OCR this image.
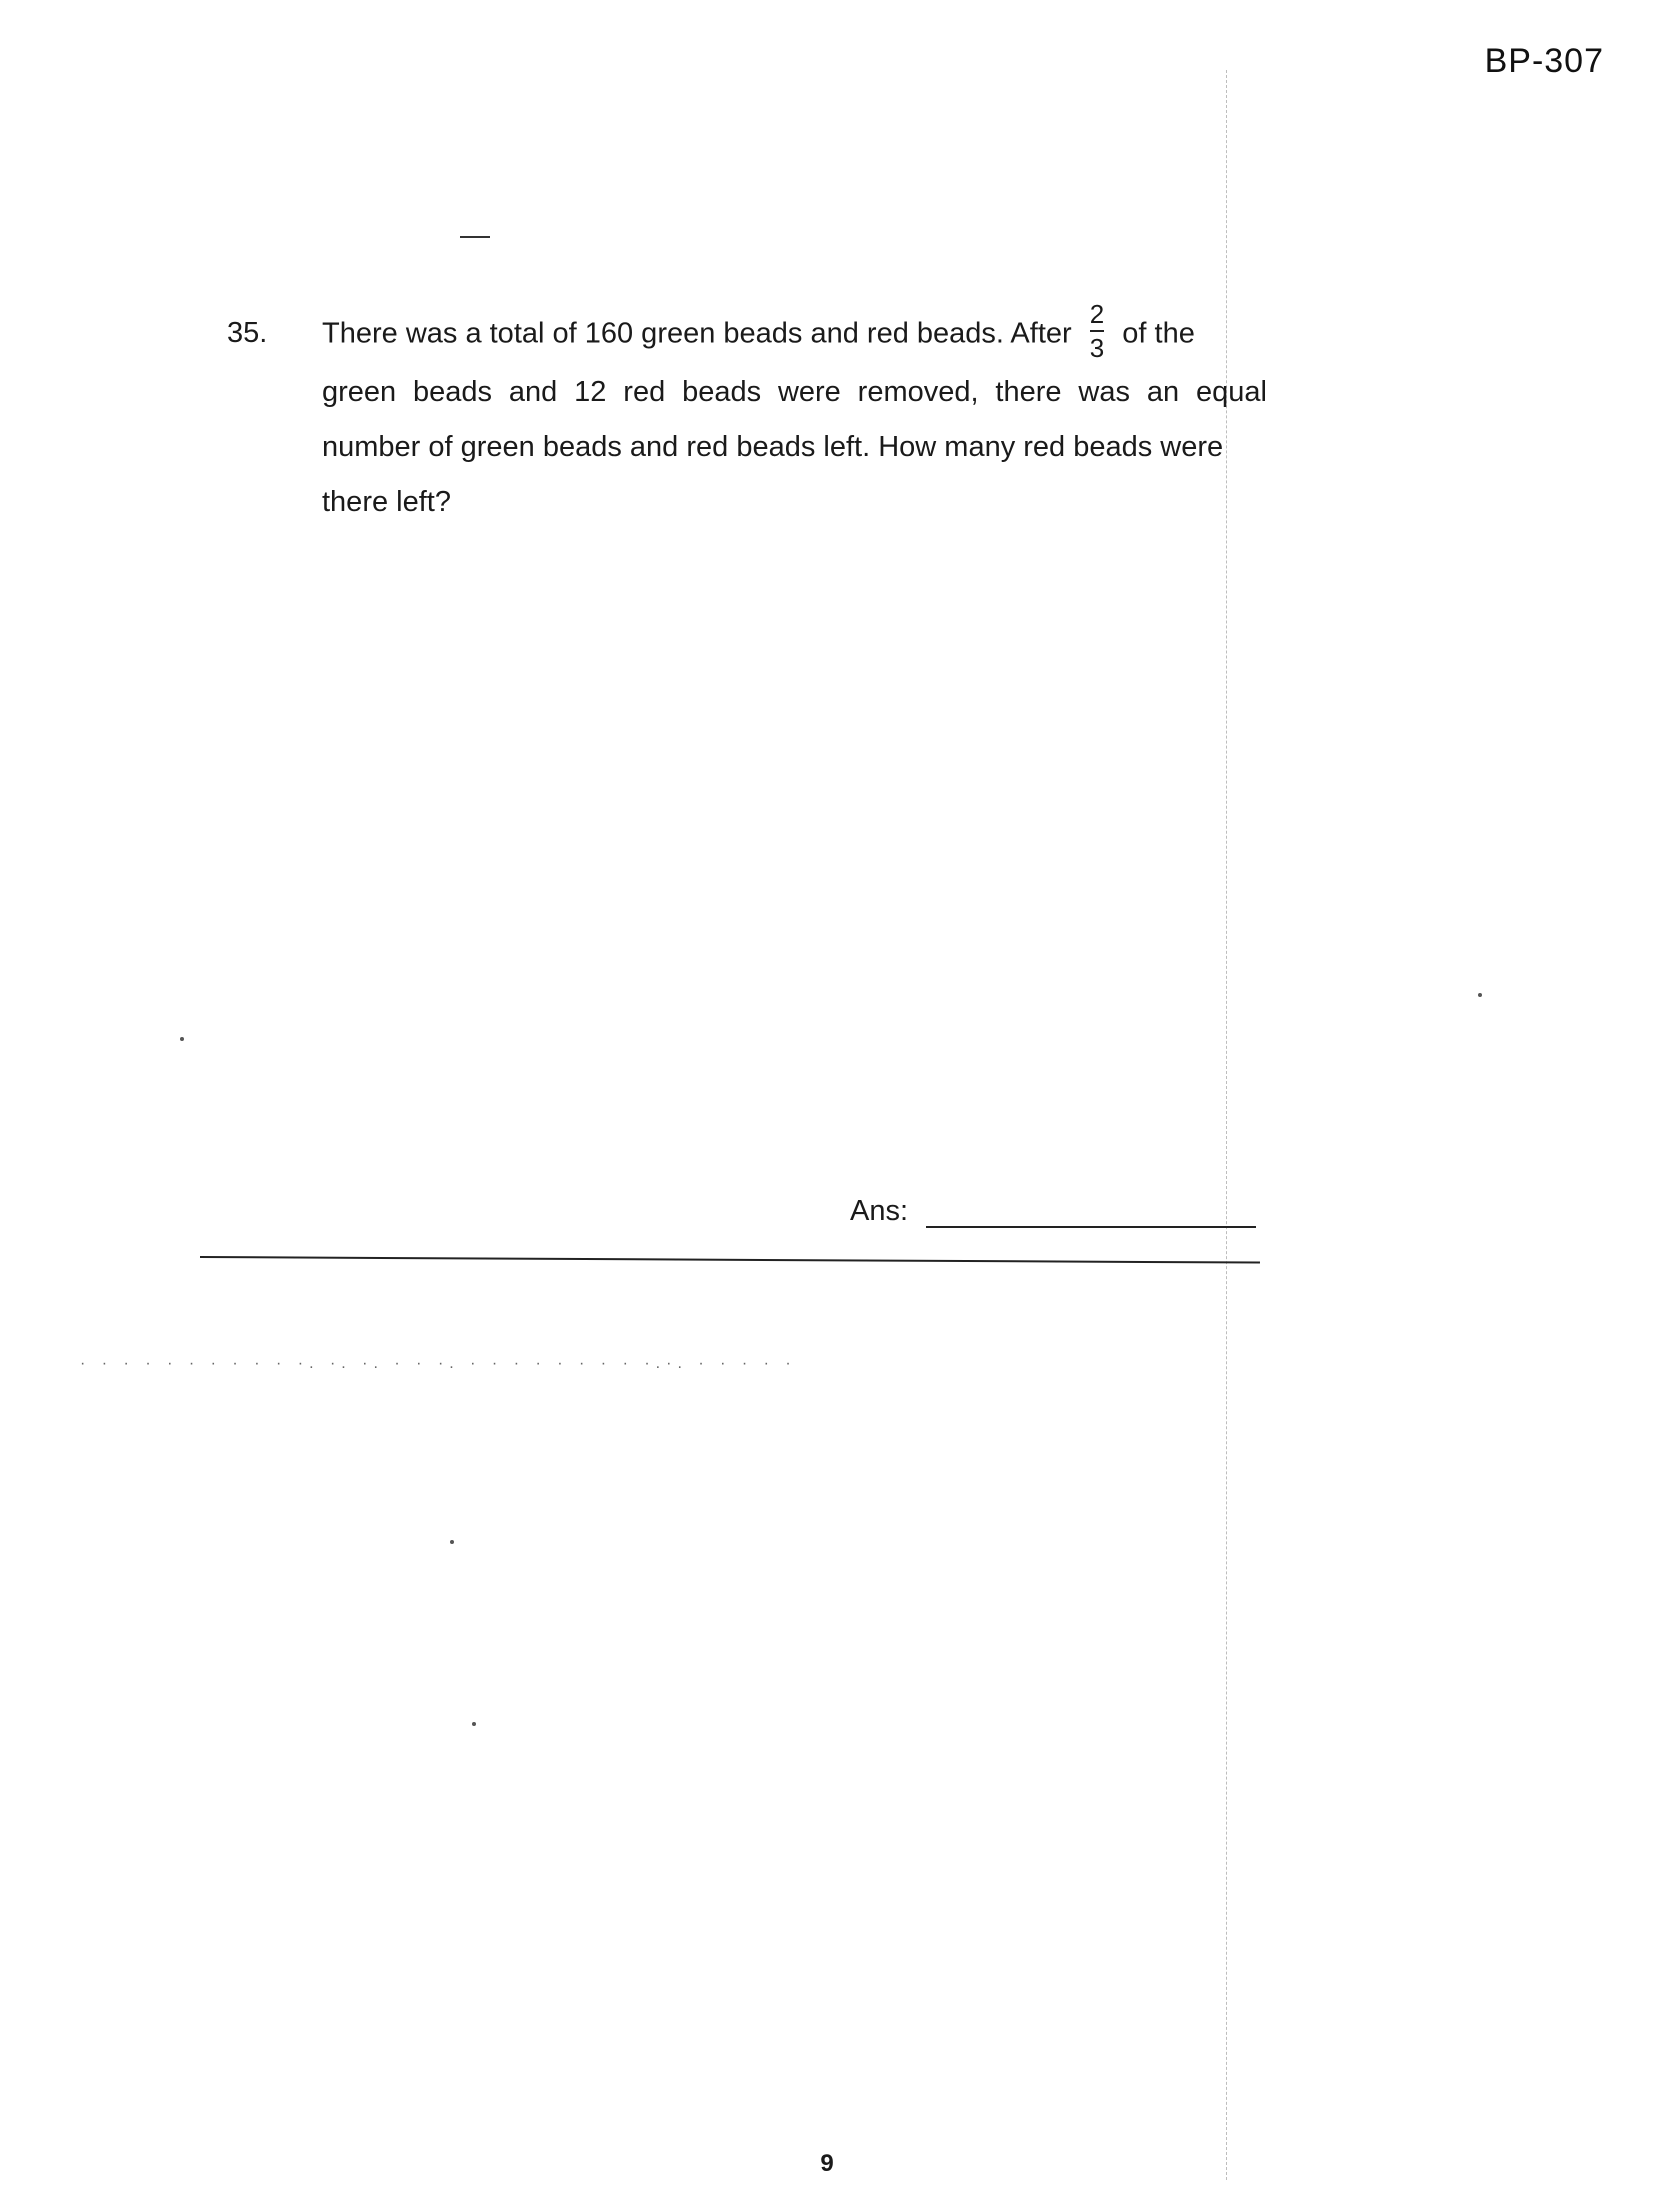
BP-307
35. There was a total of 160 green beads and red beads. After $\frac{2}{3}$ of the
green beads and 12 red beads were removed, there was an equal
number of green beads and red beads left. How many red beads were
there left?
Ans:
· · · · · · · · · · ·. ·. ·. · · ·. · · · · · · · · ·.·. · · · · ·
9
